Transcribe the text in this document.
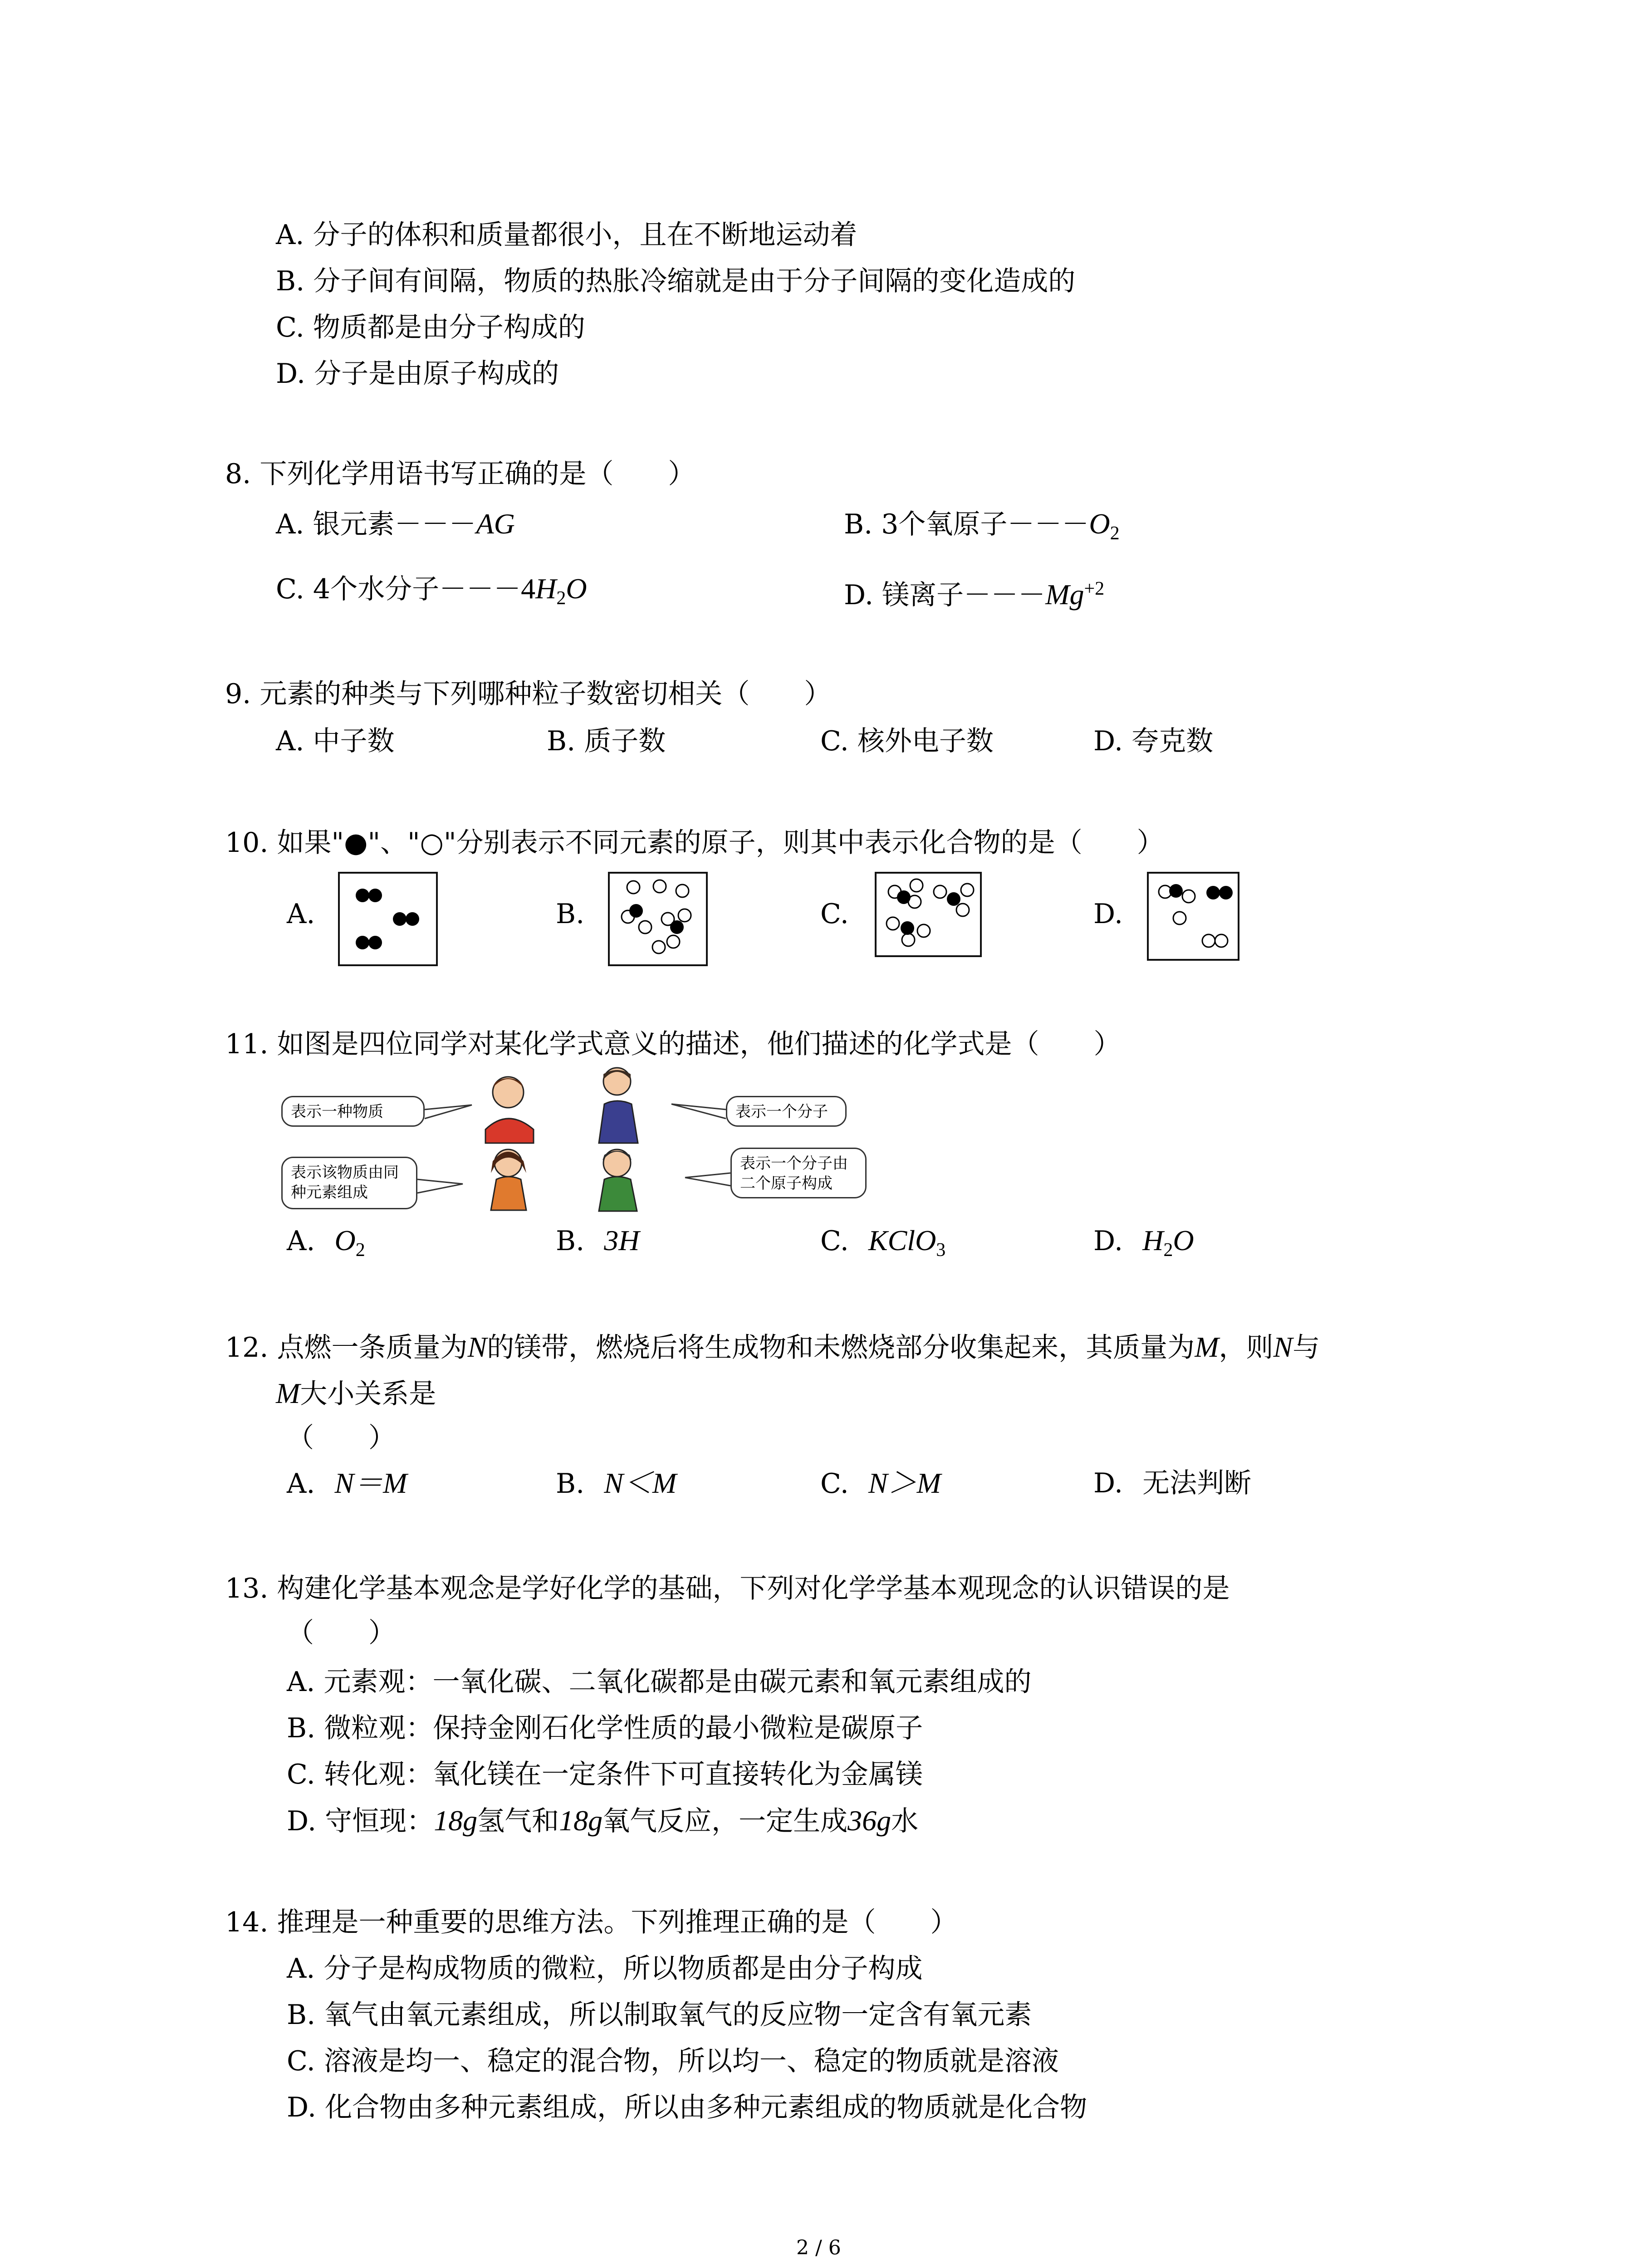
A. 分子的体积和质量都很小，且在不断地运动着
B. 分子间有间隔，物质的热胀冷缩就是由于分子间隔的变化造成的
C. 物质都是由分子构成的
D. 分子是由原子构成的
8. 下列化学用语书写正确的是（　　）
A. 银元素－－－AG	B. 3个氧原子$---O_2$
C. 4个水分子$---4H_2O$	D. 镁离子$---Mg^{+2}$
9. 元素的种类与下列哪种粒子数密切相关（　　）
A. 中子数	B. 质子数	C. 核外电子数	D. 夸克数
10. 如果"●"、"○"分别表示不同元素的原子，则其中表示化合物的是（　　）
A.	B.	C.	D.
11. 如图是四位同学对某化学式意义的描述，他们描述的化学式是（　　）
表示一种物质	表示一个分子
表示该物质由同种元素组成
表示一个分子由二个原子构成
A. $O_2$	B. 3H	C. KClO$_3$	D. $H_2O$
12. 点燃一条质量为N的镁带，燃烧后将生成物和未燃烧部分收集起来，其质量为M，则N与
M大小关系是
（　　）
A. N＝M	B. N＜M	C. N＞M	D. 无法判断
13. 构建化学基本观念是学好化学的基础，下列对化学学基本观现念的认识错误的是
（　　）
A. 元素观：一氧化碳、二氧化碳都是由碳元素和氧元素组成的
B. 微粒观：保持金刚石化学性质的最小微粒是碳原子
C. 转化观：氧化镁在一定条件下可直接转化为金属镁
D. 守恒现：18g氢气和18g氧气反应，一定生成36g水
14. 推理是一种重要的思维方法。下列推理正确的是（　　）
A. 分子是构成物质的微粒，所以物质都是由分子构成
B. 氧气由氧元素组成，所以制取氧气的反应物一定含有氧元素
C. 溶液是均一、稳定的混合物，所以均一、稳定的物质就是溶液
D. 化合物由多种元素组成，所以由多种元素组成的物质就是化合物
2 / 6
